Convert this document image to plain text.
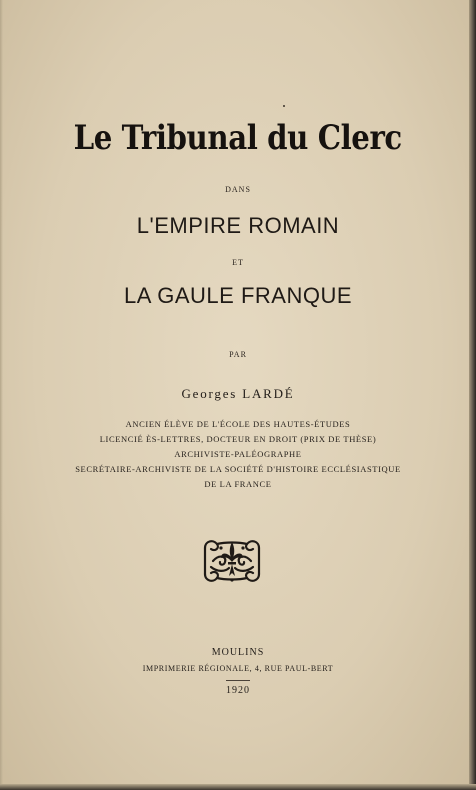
Le Tribunal du Clerc
DANS
L'EMPIRE ROMAIN
ET
LA GAULE FRANQUE
PAR
Georges LARDÉ
ANCIEN ÉLÈVE DE L'ÉCOLE DES HAUTES-ÉTUDES
LICENCIÉ ÈS-LETTRES, DOCTEUR EN DROIT (PRIX DE THÈSE)
ARCHIVISTE-PALÉOGRAPHE
SECRÉTAIRE-ARCHIVISTE DE LA SOCIÉTÉ D'HISTOIRE ECCLÉSIASTIQUE
DE LA FRANCE
MOULINS
IMPRIMERIE RÉGIONALE, 4, RUE PAUL-BERT
1920
